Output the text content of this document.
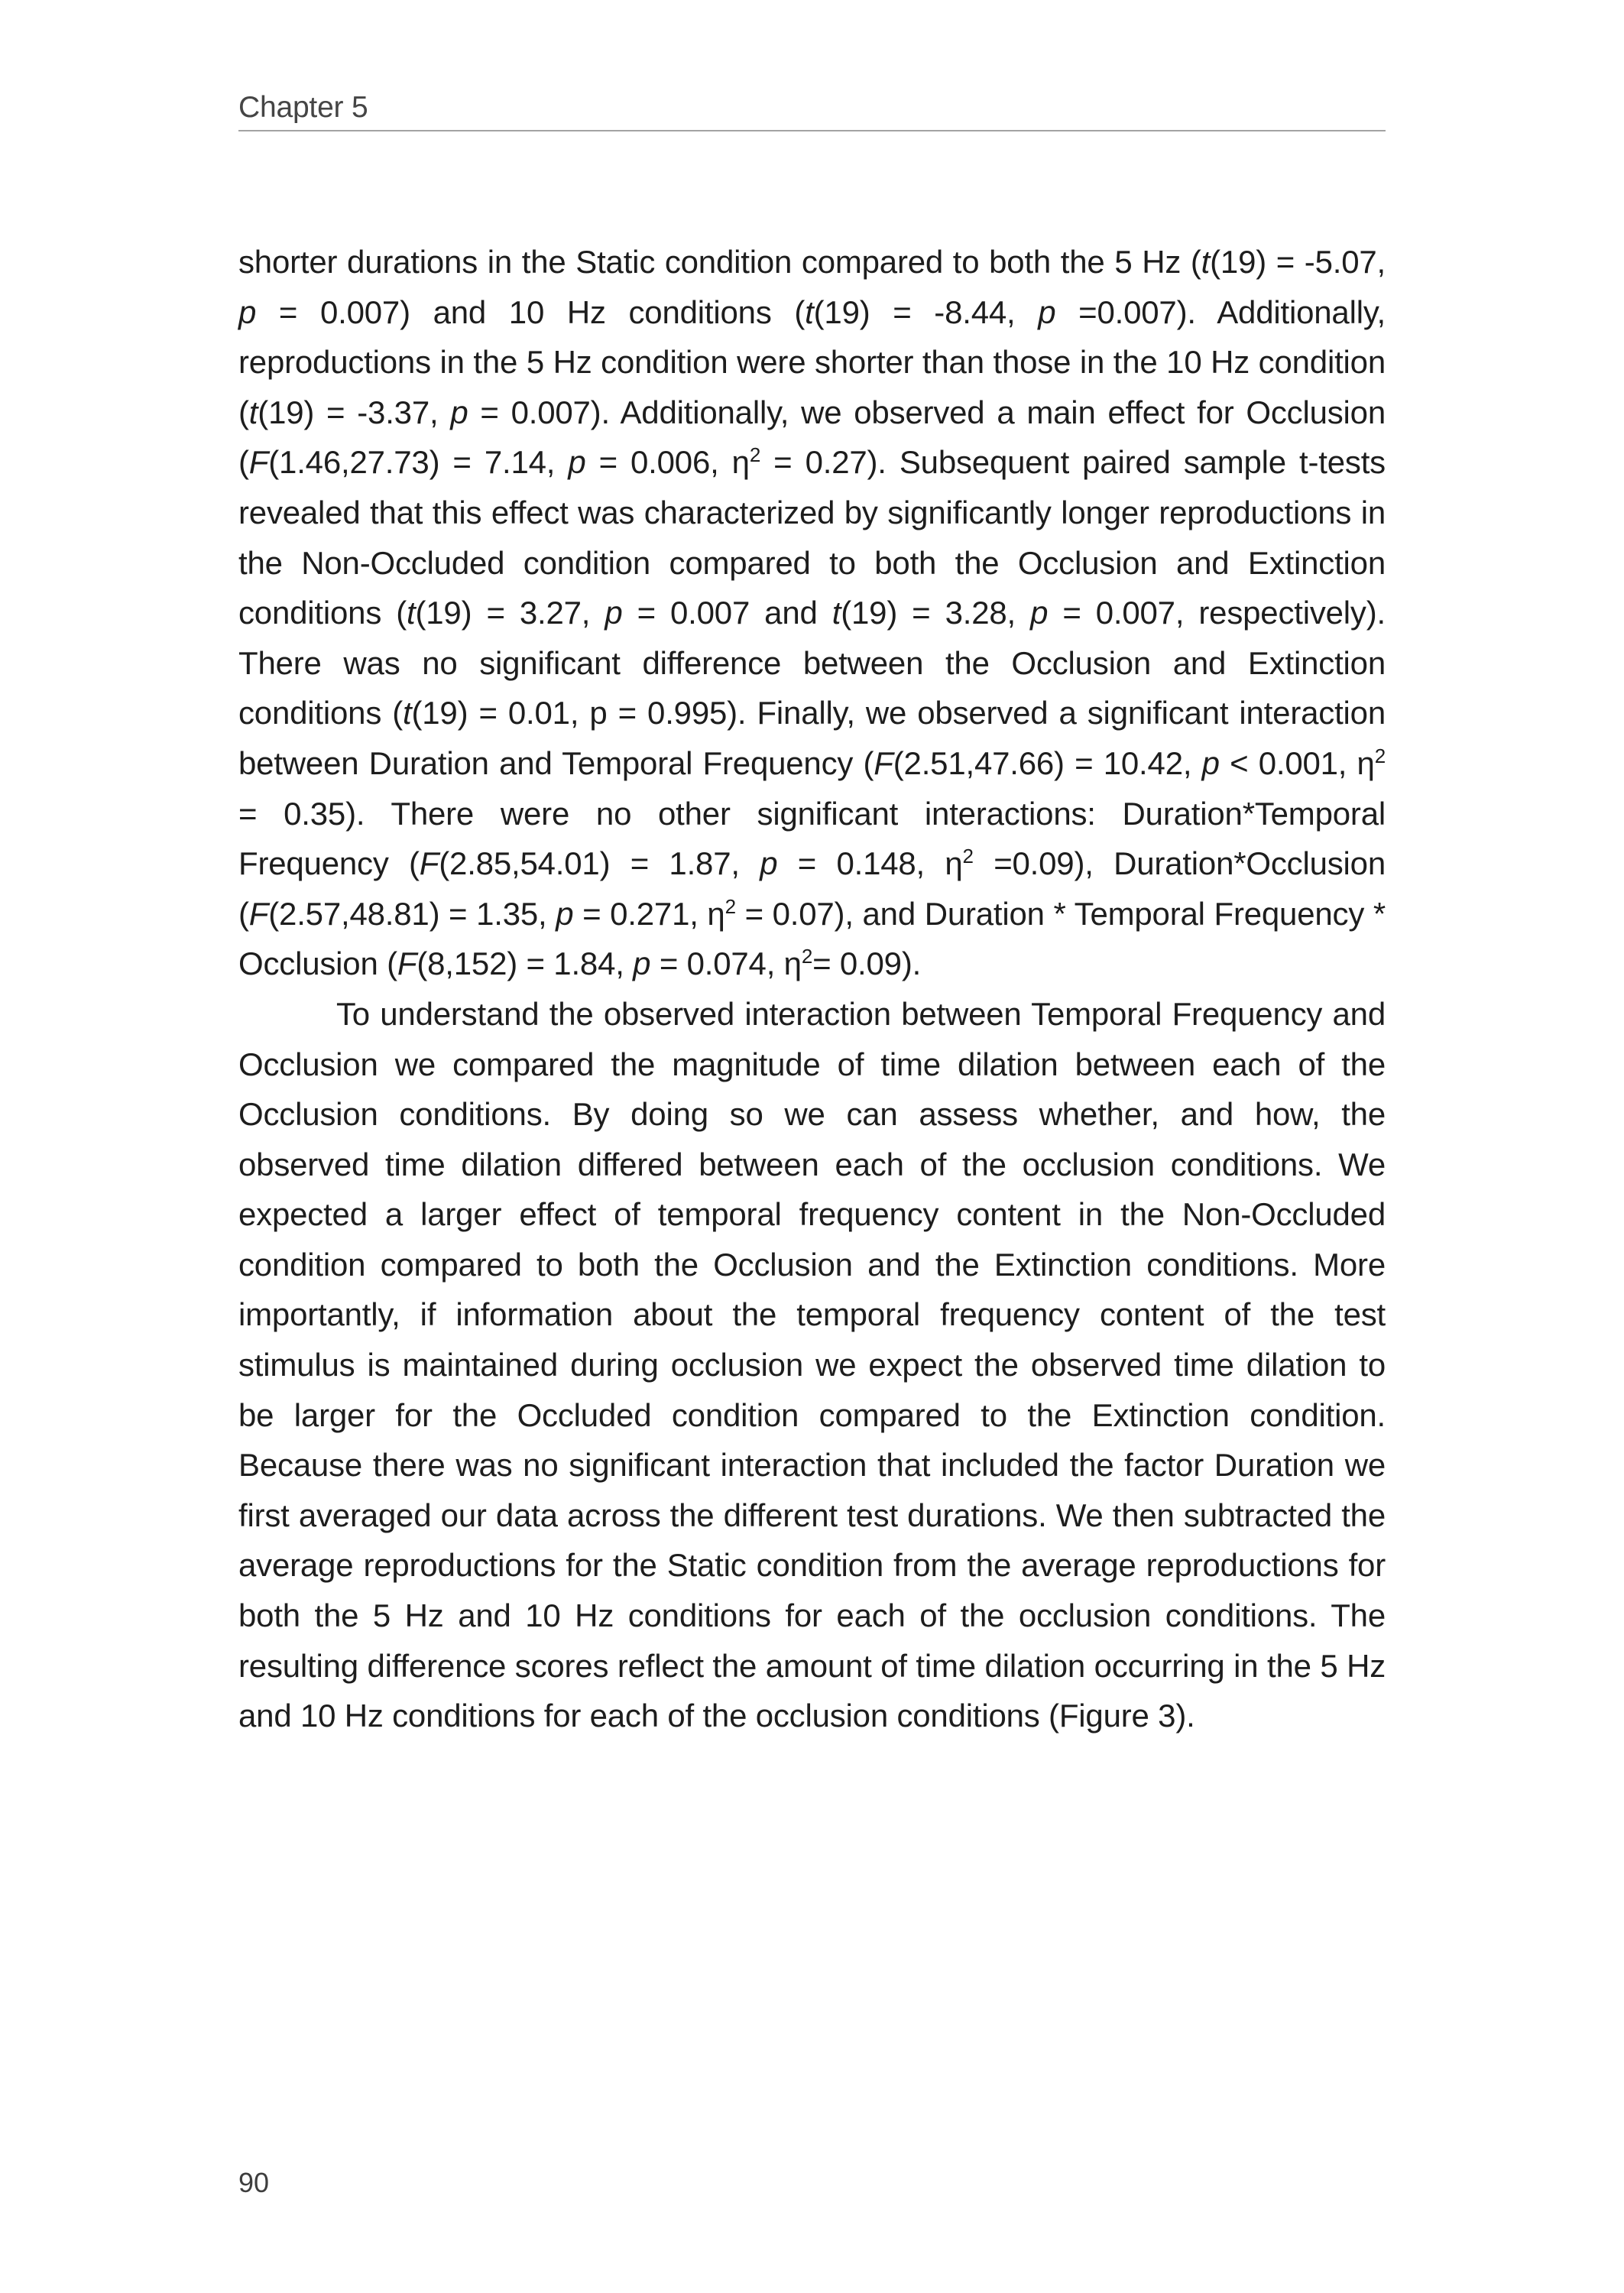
Chapter 5

shorter durations in the Static condition compared to both the 5 Hz (t(19) = -5.07, p = 0.007) and 10 Hz conditions (t(19) = -8.44, p =0.007). Additionally, reproductions in the 5 Hz condition were shorter than those in the 10 Hz condition (t(19) = -3.37, p = 0.007). Additionally, we observed a main effect for Occlusion (F(1.46,27.73) = 7.14, p = 0.006, $\eta^2 = 0.27$). Subsequent paired sample t-tests revealed that this effect was characterized by significantly longer reproductions in the Non-Occluded condition compared to both the Occlusion and Extinction conditions (t(19) = 3.27, p = 0.007 and t(19) = 3.28, p = 0.007, respectively). There was no significant difference between the Occlusion and Extinction conditions (t(19) = 0.01, p = 0.995). Finally, we observed a significant interaction between Duration and Temporal Frequency (F(2.51,47.66) = 10.42, p < 0.001, $\eta^2 = 0.35$). There were no other significant interactions: Duration*Temporal Frequency (F(2.85,54.01) = 1.87, p = 0.148, $\eta^2 =0.09$), Duration*Occlusion (F(2.57,48.81) = 1.35, p = 0.271, $\eta^2 = 0.07$), and Duration * Temporal Frequency * Occlusion (F(8,152) = 1.84, p = 0.074, $\eta^2= 0.09$).

To understand the observed interaction between Temporal Frequency and Occlusion we compared the magnitude of time dilation between each of the Occlusion conditions. By doing so we can assess whether, and how, the observed time dilation differed between each of the occlusion conditions. We expected a larger effect of temporal frequency content in the Non-Occluded condition compared to both the Occlusion and the Extinction conditions. More importantly, if information about the temporal frequency content of the test stimulus is maintained during occlusion we expect the observed time dilation to be larger for the Occluded condition compared to the Extinction condition. Because there was no significant interaction that included the factor Duration we first averaged our data across the different test durations. We then subtracted the average reproductions for the Static condition from the average reproductions for both the 5 Hz and 10 Hz conditions for each of the occlusion conditions. The resulting difference scores reflect the amount of time dilation occurring in the 5 Hz and 10 Hz conditions for each of the occlusion conditions (Figure 3).

90
